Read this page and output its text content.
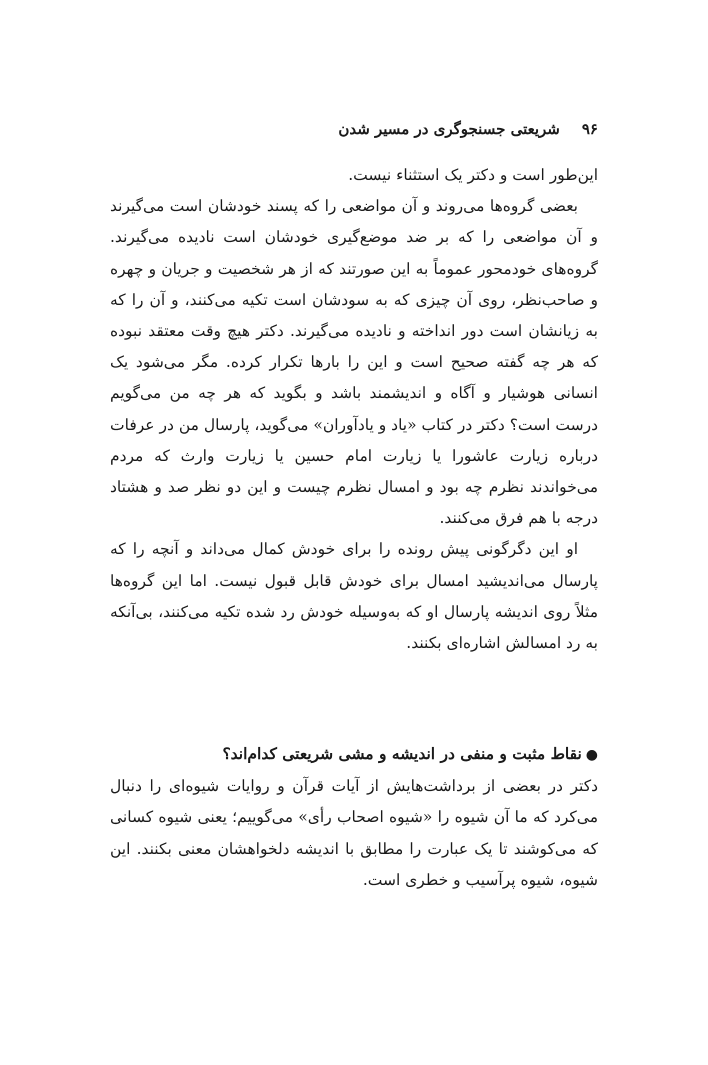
۹۶
شریعتی جسنجوگری در مسیر شدن

این‌طور است و دکتر یک استثناء نیست.

بعضی گروه‌ها می‌روند و آن مواضعی را که پسند خودشان است می‌گیرند و آن مواضعی را که بر ضد موضع‌گیری خودشان است نادیده می‌گیرند. گروه‌های خودمحور عموماً به این صورتند که از هر شخصیت و جریان و چهره و صاحب‌نظر، روی آن چیزی که به سودشان است تکیه می‌کنند، و آن را که به زیانشان است دور انداخته و نادیده می‌گیرند. دکتر هیچ وقت معتقد نبوده که هر چه گفته صحیح است و این را بارها تکرار کرده. مگر می‌شود یک انسانی هوشیار و آگاه و اندیشمند باشد و بگوید که هر چه من می‌گویم درست است؟ دکتر در کتاب «یاد و یادآوران» می‌گوید، پارسال من در عرفات درباره زیارت عاشورا یا زیارت امام حسین یا زیارت وارث که مردم می‌خواندند نظرم چه بود و امسال نظرم چیست و این دو نظر صد و هشتاد درجه با هم فرق می‌کنند.

او این دگرگونی پیش رونده را برای خودش کمال می‌داند و آنچه را که پارسال می‌اندیشید امسال برای خودش قابل قبول نیست. اما این گروه‌ها مثلاً روی اندیشه پارسال او که به‌وسیله خودش رد شده تکیه می‌کنند، بی‌آنکه به رد امسالش اشاره‌ای بکنند.

●نقاط مثبت و منفی در اندیشه و مشی شریعتی کدام‌اند؟

دکتر در بعضی از برداشت‌هایش از آیات قرآن و روایات شیوه‌ای را دنبال می‌کرد که ما آن شیوه را «شیوه اصحاب رأی» می‌گوییم؛ یعنی شیوه کسانی که می‌کوشند تا یک عبارت را مطابق با اندیشه دلخواهشان معنی بکنند. این شیوه، شیوه پرآسیب و خطری است.
